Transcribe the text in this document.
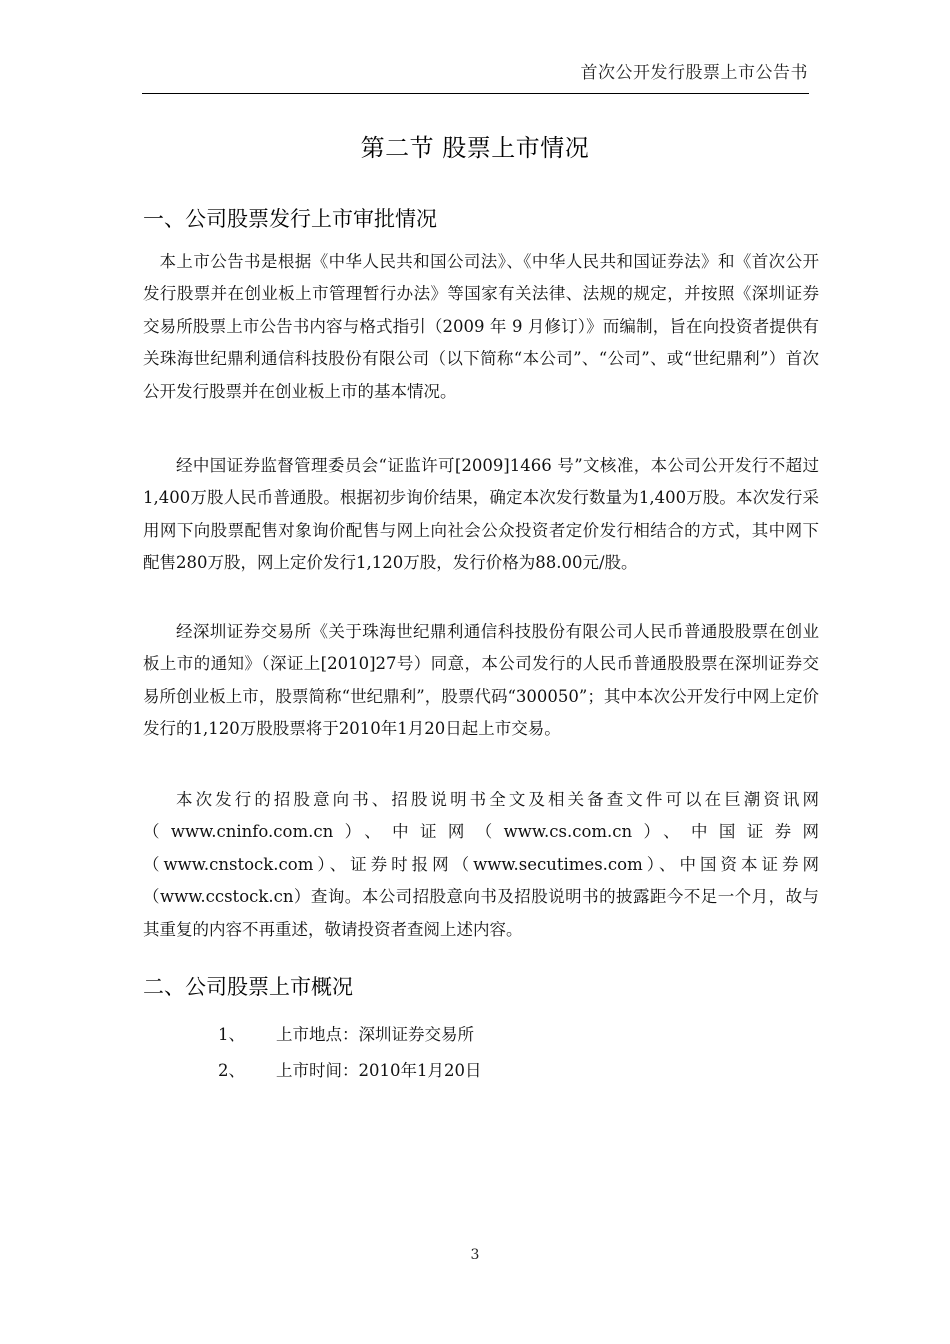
首次公开发行股票上市公告书
第二节 股票上市情况
一、公司股票发行上市审批情况

本上市公告书是根据《中华人民共和国公司法》、《中华人民共和国证券法》和《首次公开发行股票并在创业板上市管理暂行办法》等国家有关法律、法规的规定，并按照《深圳证券交易所股票上市公告书内容与格式指引（2009 年 9 月修订）》而编制，旨在向投资者提供有关珠海世纪鼎利通信科技股份有限公司（以下简称“本公司”、“公司”、或“世纪鼎利”）首次公开发行股票并在创业板上市的基本情况。

经中国证券监督管理委员会“证监许可[2009]1466 号”文核准，本公司公开发行不超过1,400万股人民币普通股。根据初步询价结果，确定本次发行数量为1,400万股。本次发行采用网下向股票配售对象询价配售与网上向社会公众投资者定价发行相结合的方式，其中网下配售280万股，网上定价发行1,120万股，发行价格为88.00元/股。

经深圳证券交易所《关于珠海世纪鼎利通信科技股份有限公司人民币普通股股票在创业板上市的通知》（深证上[2010]27号）同意，本公司发行的人民币普通股股票在深圳证券交易所创业板上市，股票简称“世纪鼎利”，股票代码“300050”；其中本次公开发行中网上定价发行的1,120万股股票将于2010年1月20日起上市交易。

本次发行的招股意向书、招股说明书全文及相关备查文件可以在巨潮资讯网（www.cninfo.com.cn）、中证网（www.cs.com.cn）、中国证券网（www.cnstock.com）、证券时报网（www.secutimes.com）、中国资本证券网（www.ccstock.cn）查询。本公司招股意向书及招股说明书的披露距今不足一个月，故与其重复的内容不再重述，敬请投资者查阅上述内容。

二、公司股票上市概况
1、 上市地点：深圳证券交易所
2、 上市时间：2010年1月20日
3
